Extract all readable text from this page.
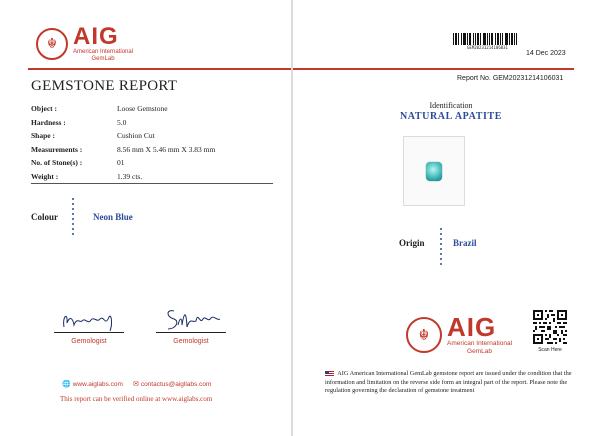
☬ AIG
American International
GemLab
GEMSTONE REPORT
Object :	Loose Gemstone
Hardness :	5.0
Shape :	Cushion Cut
Measurements :	8.56 mm X 5.46 mm X 3.83 mm
No. of Stone(s) :	01
Weight :	1.39 cts.
Colour	Neon Blue
Gemologist	Gemologist
🌐 www.aiglabs.com ✉ contactus@aigllabs.com
This report can be verified online at www.aiglabs.com
GEM20231214106031
14 Dec 2023
Report No. GEM20231214106031
Identification
NATURAL APATITE
Origin	Brazil
☬ AIG
American International
GemLab	Scan Here
AIG American International GemLab gemstone report are issued under the condition that the information and limitation on the reverse side form an integral part of the report. Please note the regulation governing the declaration of gemstone treatment
